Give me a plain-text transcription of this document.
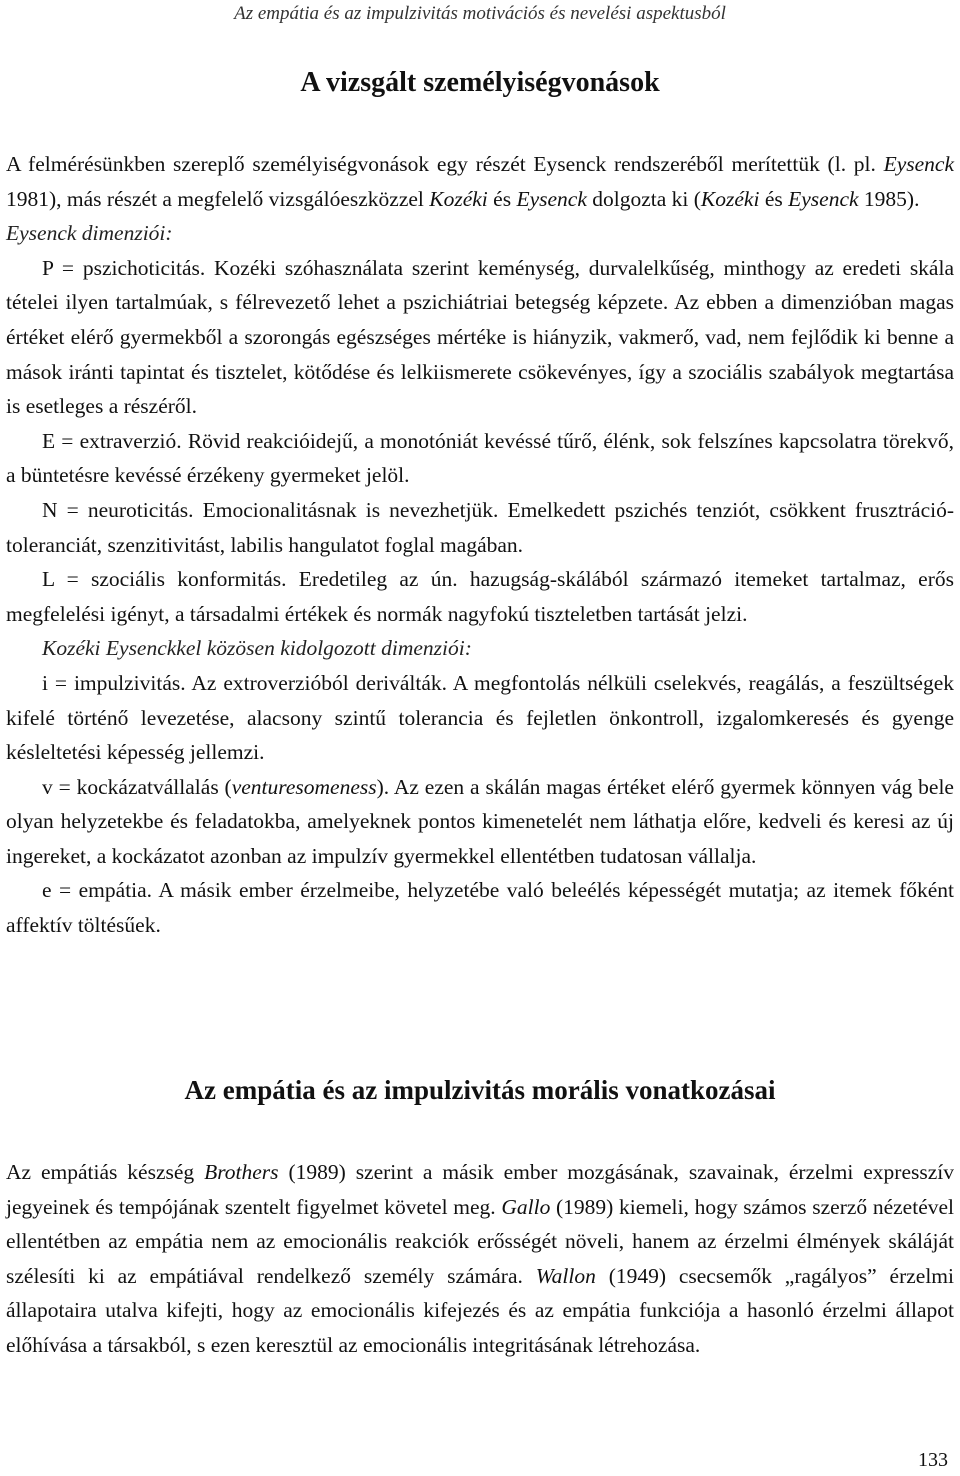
Az empátia és az impulzivitás motivációs és nevelési aspektusból
A vizsgált személyiségvonások

A felmérésünkben szereplő személyiségvonások egy részét Eysenck rendszeréből merítettük (l. pl. Eysenck 1981), más részét a megfelelő vizsgálóeszközzel Kozéki és Eysenck dolgozta ki (Kozéki és Eysenck 1985).

Eysenck dimenziói:

P = pszichoticitás. Kozéki szóhasználata szerint keménység, durvalelkűség, minthogy az eredeti skála tételei ilyen tartalmúak, s félrevezető lehet a pszichiátriai betegség képzete. Az ebben a dimenzióban magas értéket elérő gyermekből a szorongás egészséges mértéke is hiányzik, vakmerő, vad, nem fejlődik ki benne a mások iránti tapintat és tisztelet, kötődése és lelkiismerete csökevényes, így a szociális szabályok megtartása is esetleges a részéről.

E = extraverzió. Rövid reakcióidejű, a monotóniát kevéssé tűrő, élénk, sok felszínes kapcsolatra törekvő, a büntetésre kevéssé érzékeny gyermeket jelöl.

N = neuroticitás. Emocionalitásnak is nevezhetjük. Emelkedett pszichés tenziót, csökkent frusztráció-toleranciát, szenzitivitást, labilis hangulatot foglal magában.

L = szociális konformitás. Eredetileg az ún. hazugság-skálából származó itemeket tartalmaz, erős megfelelési igényt, a társadalmi értékek és normák nagyfokú tiszteletben tartását jelzi.

Kozéki Eysenckkel közösen kidolgozott dimenziói:

i = impulzivitás. Az extroverzióból deriválták. A megfontolás nélküli cselekvés, reagálás, a feszültségek kifelé történő levezetése, alacsony szintű tolerancia és fejletlen önkontroll, izgalomkeresés és gyenge késleltetési képesség jellemzi.

v = kockázatvállalás (venturesomeness). Az ezen a skálán magas értéket elérő gyermek könnyen vág bele olyan helyzetekbe és feladatokba, amelyeknek pontos kimenetelét nem láthatja előre, kedveli és keresi az új ingereket, a kockázatot azonban az impulzív gyermekkel ellentétben tudatosan vállalja.

e = empátia. A másik ember érzelmeibe, helyzetébe való beleélés képességét mutatja; az itemek főként affektív töltésűek.

Az empátia és az impulzivitás morális vonatkozásai

Az empátiás készség Brothers (1989) szerint a másik ember mozgásának, szavainak, érzelmi expresszív jegyeinek és tempójának szentelt figyelmet követel meg. Gallo (1989) kiemeli, hogy számos szerző nézetével ellentétben az empátia nem az emocionális reakciók erősségét növeli, hanem az érzelmi élmények skáláját szélesíti ki az empátiával rendelkező személy számára. Wallon (1949) csecsemők „ragályos” érzelmi állapotaira utalva kifejti, hogy az emocionális kifejezés és az empátia funkciója a hasonló érzelmi állapot előhívása a társakból, s ezen keresztül az emocionális integritásának létrehozása.

133
